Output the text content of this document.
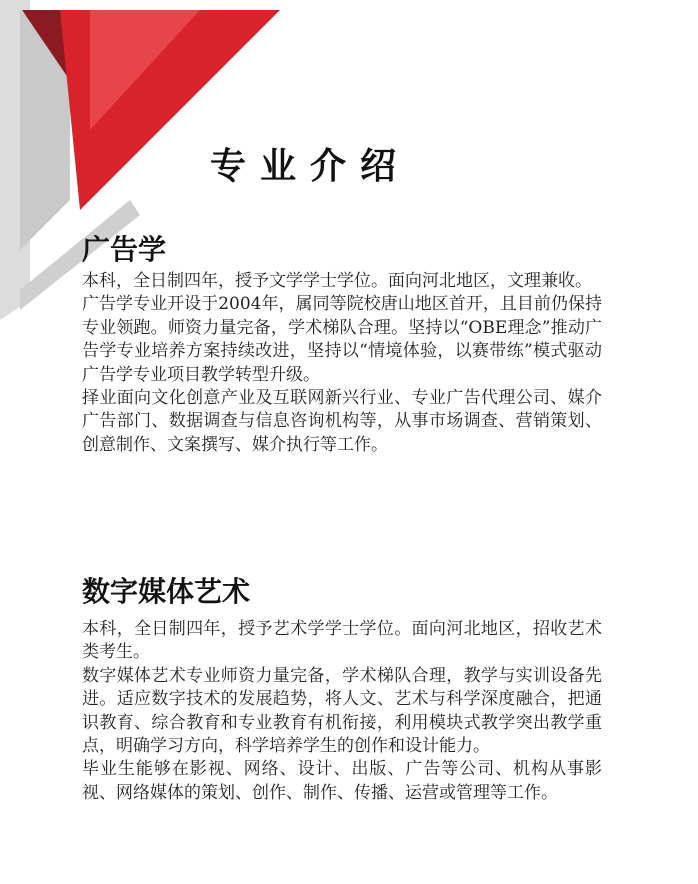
专业介绍
广告学

本科，全日制四年，授予文学学士学位。面向河北地区，文理兼收。

广告学专业开设于2004年，属同等院校唐山地区首开，且目前仍保持专业领跑。师资力量完备，学术梯队合理。坚持以“OBE理念”推动广告学专业培养方案持续改进，坚持以“情境体验，以赛带练”模式驱动广告学专业项目教学转型升级。

择业面向文化创意产业及互联网新兴行业、专业广告代理公司、媒介广告部门、数据调查与信息咨询机构等，从事市场调查、营销策划、创意制作、文案撰写、媒介执行等工作。

数字媒体艺术

本科，全日制四年，授予艺术学学士学位。面向河北地区，招收艺术类考生。

数字媒体艺术专业师资力量完备，学术梯队合理，教学与实训设备先进。适应数字技术的发展趋势，将人文、艺术与科学深度融合，把通识教育、综合教育和专业教育有机衔接，利用模块式教学突出教学重点，明确学习方向，科学培养学生的创作和设计能力。

毕业生能够在影视、网络、设计、出版、广告等公司、机构从事影视、网络媒体的策划、创作、制作、传播、运营或管理等工作。
